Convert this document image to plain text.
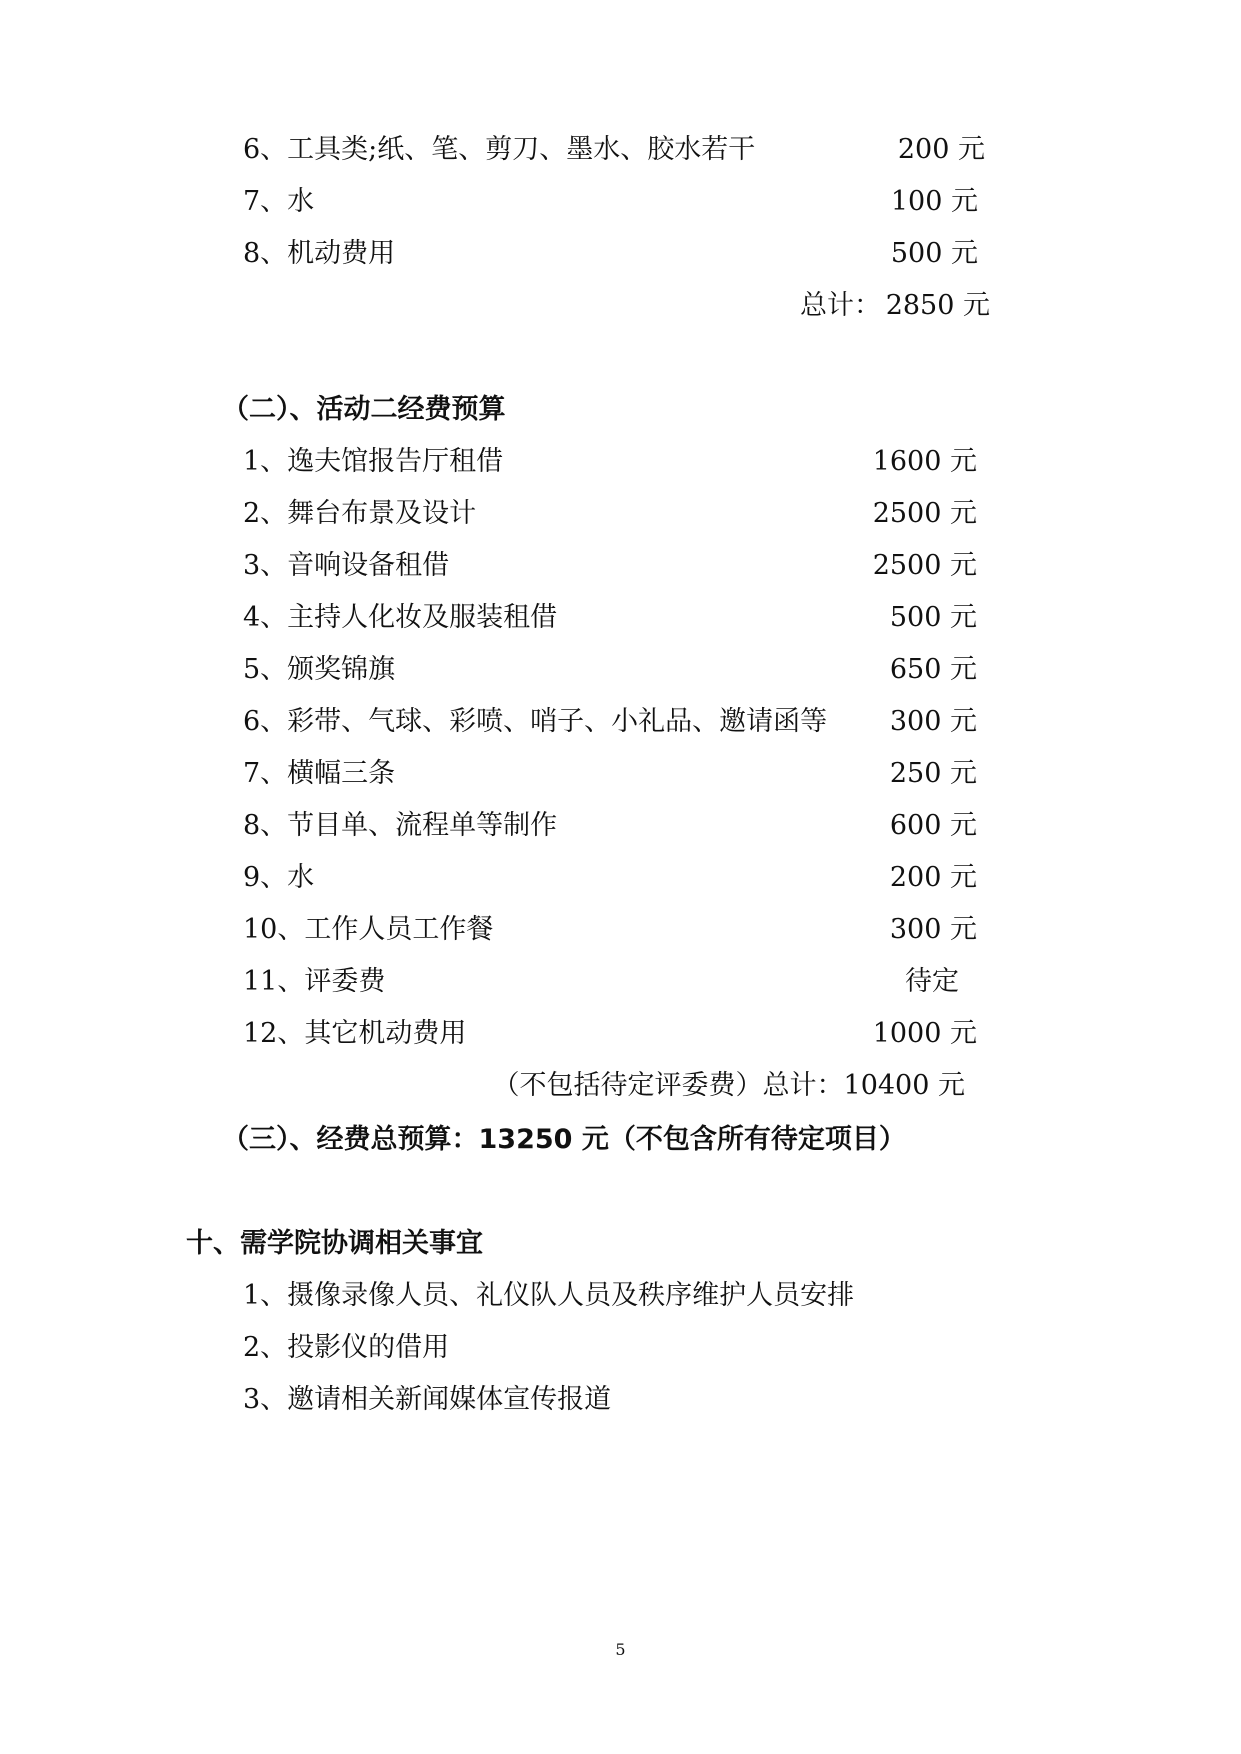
6、工具类;纸、笔、剪刀、墨水、胶水若干	200 元
7、水	100 元
8、机动费用	500 元
总计： 2850 元
（二）、活动二经费预算
1、逸夫馆报告厅租借	1600 元
2、舞台布景及设计	2500 元
3、音响设备租借	2500 元
4、主持人化妆及服装租借	500 元
5、颁奖锦旗	650 元
6、彩带、气球、彩喷、哨子、小礼品、邀请函等 300 元
7、横幅三条	250 元
8、节目单、流程单等制作	600 元
9、水	200 元
10、工作人员工作餐	300 元
11、评委费	待定
12、其它机动费用	1000 元
（不包括待定评委费）总计：10400 元
（三）、经费总预算：13250 元（不包含所有待定项目）
十、需学院协调相关事宜
1、摄像录像人员、礼仪队人员及秩序维护人员安排
2、投影仪的借用
3、邀请相关新闻媒体宣传报道
5
